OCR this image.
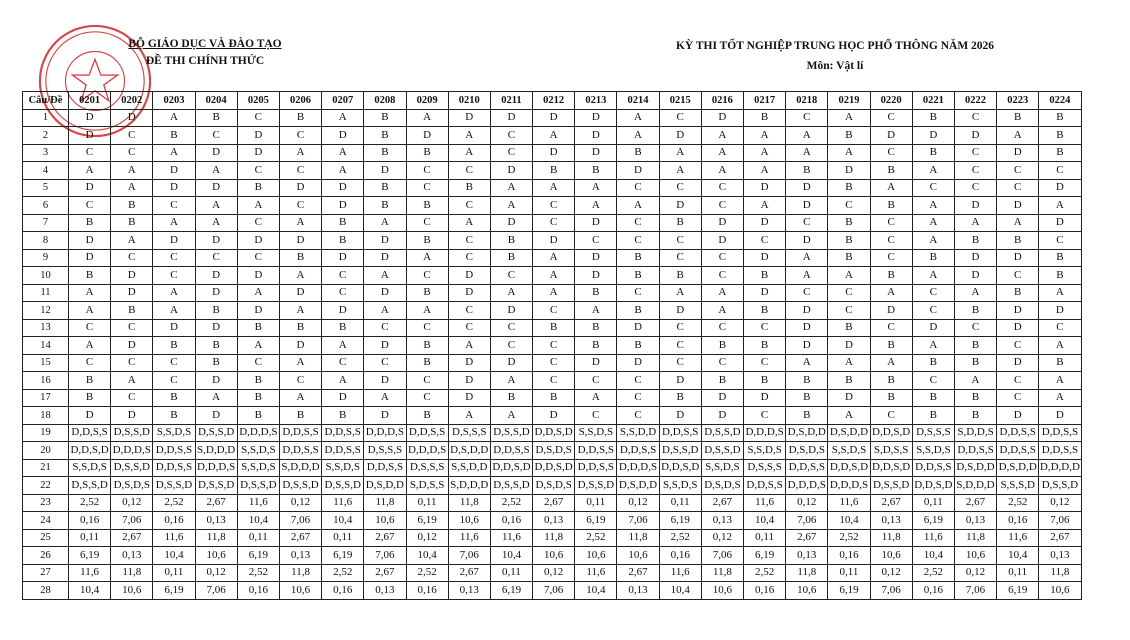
BỘ GIÁO DỤC VÀ ĐÀO TẠO
ĐỀ THI CHÍNH THỨC
KỲ THI TỐT NGHIỆP TRUNG HỌC PHỔ THÔNG NĂM 2026
Môn: Vật lí
Câu/Đề	0201	0202	0203	0204	0205	0206	0207	0208	0209	0210	0211	0212	0213	0214	0215	0216	0217	0218	0219	0220	0221	0222	0223	0224
1	D	D	A	B	C	B	A	B	A	D	D	D	D	A	C	D	B	C	A	C	B	C	B	B
2	D	C	B	C	D	C	D	B	D	A	C	A	D	A	D	A	A	A	B	D	D	D	A	B
3	C	C	A	D	D	A	A	B	B	A	C	D	D	B	A	A	A	A	A	C	B	C	D	B
4	A	A	D	A	C	C	A	D	C	C	D	B	B	D	A	A	A	B	D	B	A	C	C	C
5	D	A	D	D	B	D	D	B	C	B	A	A	A	C	C	C	D	D	B	A	C	C	C	D
6	C	B	C	A	A	C	D	B	B	C	A	C	A	A	D	C	A	D	C	B	A	D	D	A
7	B	B	A	A	C	A	B	A	C	A	D	C	D	C	B	D	D	C	B	C	A	A	A	D
8	D	A	D	D	D	D	B	D	B	C	B	D	C	C	C	D	C	D	B	C	A	B	B	C
9	D	C	C	C	C	B	D	D	A	C	B	A	D	B	C	C	D	A	B	C	B	D	D	B
10	B	D	C	D	D	A	C	A	C	D	C	A	D	B	B	C	B	A	A	B	A	D	C	B
11	A	D	A	D	A	D	C	D	B	D	A	A	B	C	A	A	D	C	C	A	C	A	B	A
12	A	B	A	B	D	A	D	A	A	C	D	C	A	B	D	A	B	D	C	D	C	B	D	D
13	C	C	D	D	B	B	B	C	C	C	C	B	B	D	C	C	C	D	B	C	D	C	D	C
14	A	D	B	B	A	D	A	D	B	A	C	C	B	B	C	B	B	D	D	B	A	B	C	A
15	C	C	C	B	C	A	C	C	B	D	D	C	D	D	C	C	C	A	A	A	B	B	D	B
16	B	A	C	D	B	C	A	D	C	D	A	C	C	C	D	B	B	B	B	B	C	A	C	A
17	B	C	B	A	B	A	D	A	C	D	B	B	A	C	B	D	D	B	D	B	B	B	C	A
18	D	D	B	D	B	B	B	D	B	A	A	D	C	C	D	D	C	B	A	C	B	B	D	D
19	D,D,S,S	D,S,S,D	S,S,D,S	D,S,S,D	D,D,D,S	D,D,S,S	D,D,S,S	D,D,D,S	D,D,S,S	D,S,S,S	D,S,S,D	D,D,S,D	S,S,D,S	S,S,D,D	D,D,S,S	D,S,S,D	D,D,D,S	D,S,D,D	D,S,D,D	D,D,S,D	D,S,S,S	S,D,D,S	D,D,S,S	D,D,S,S
20	D,D,S,D	D,D,D,S	D,D,S,S	S,D,D,D	S,S,D,S	D,D,S,S	D,D,S,S	D,S,S,S	D,D,D,S	D,S,D,D	D,D,S,S	D,S,D,S	D,D,S,S	D,D,S,S	D,S,S,D	D,S,S,D	S,S,D,S	D,S,D,S	S,S,D,S	S,D,S,S	S,S,D,S	D,D,S,S	D,D,S,S	D,D,S,S
21	S,S,D,S	D,S,S,D	D,D,S,S	D,D,D,S	S,S,D,S	S,D,D,D	S,S,D,S	D,D,S,S	D,S,S,S	S,S,D,D	D,D,S,D	D,D,S,D	D,D,S,S	D,D,D,S	D,D,S,D	S,S,D,S	D,S,S,S	D,D,S,S	D,D,S,D	D,D,S,D	D,D,S,S	D,S,D,D	D,S,D,D	D,D,D,D
22	D,S,S,D	D,S,D,S	D,S,S,D	D,S,S,D	D,S,S,D	D,S,S,D	D,S,S,D	D,S,D,D	S,D,S,S	S,D,D,D	D,S,S,D	D,S,D,S	D,S,S,D	D,S,D,D	S,S,D,S	D,S,D,S	D,D,S,S	D,D,D,S	D,D,D,S	D,S,S,D	D,D,S,D	S,D,D,D	S,S,S,D	D,S,S,D
23	2,52	0,12	2,52	2,67	11,6	0,12	11,6	11,8	0,11	11,8	2,52	2,67	0,11	0,12	0,11	2,67	11,6	0,12	11,6	2,67	0,11	2,67	2,52	0,12
24	0,16	7,06	0,16	0,13	10,4	7,06	10,4	10,6	6,19	10,6	0,16	0,13	6,19	7,06	6,19	0,13	10,4	7,06	10,4	0,13	6,19	0,13	0,16	7,06
25	0,11	2,67	11,6	11,8	0,11	2,67	0,11	2,67	0,12	11,6	11,6	11,8	2,52	11,8	2,52	0,12	0,11	2,67	2,52	11,8	11,6	11,8	11,6	2,67
26	6,19	0,13	10,4	10,6	6,19	0,13	6,19	7,06	10,4	7,06	10,4	10,6	10,6	10,6	0,16	7,06	6,19	0,13	0,16	10,6	10,4	10,6	10,4	0,13
27	11,6	11,8	0,11	0,12	2,52	11,8	2,52	2,67	2,52	2,67	0,11	0,12	11,6	2,67	11,6	11,8	2,52	11,8	0,11	0,12	2,52	0,12	0,11	11,8
28	10,4	10,6	6,19	7,06	0,16	10,6	0,16	0,13	0,16	0,13	6,19	7,06	10,4	0,13	10,4	10,6	0,16	10,6	6,19	7,06	0,16	7,06	6,19	10,6
